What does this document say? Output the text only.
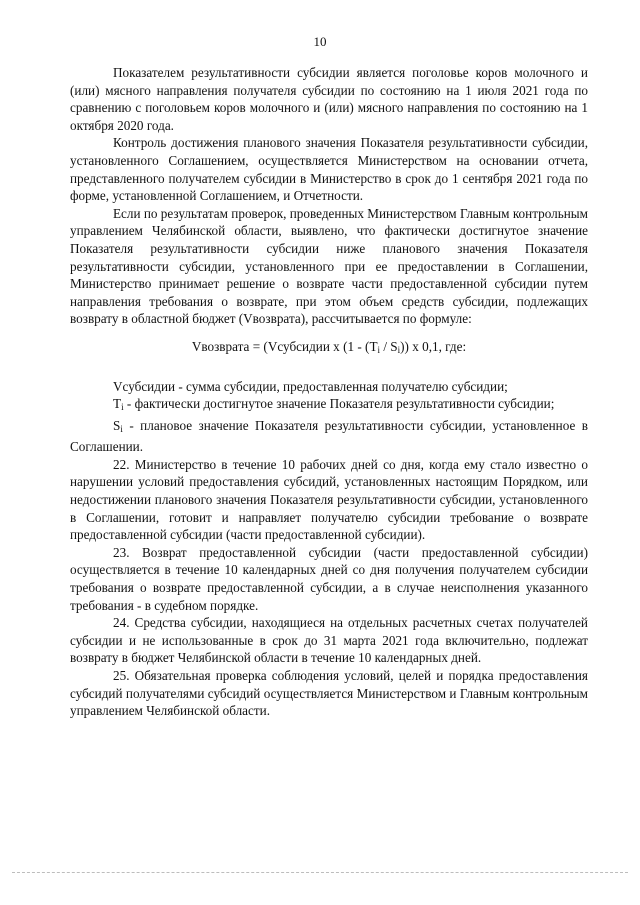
10

Показателем результативности субсидии является поголовье коров молочного и (или) мясного направления получателя субсидии по состоянию на 1 июля 2021 года по сравнению с поголовьем коров молочного и (или) мясного направления по состоянию на 1 октября 2020 года.

Контроль достижения планового значения Показателя результативности субсидии, установленного Соглашением, осуществляется Министерством на основании отчета, представленного получателем субсидии в Министерство в срок до 1 сентября 2021 года по форме, установленной Соглашением, и Отчетности.

Если по результатам проверок, проведенных Министерством Главным контрольным управлением Челябинской области, выявлено, что фактически достигнутое значение Показателя результативности субсидии ниже планового значения Показателя результативности субсидии, установленного при ее предоставлении в Соглашении, Министерство принимает решение о возврате части предоставленной субсидии путем направления требования о возврате, при этом объем средств субсидии, подлежащих возврату в областной бюджет (Vвозврата), рассчитывается по формуле:

Vвозврата = (Vсубсидии x $(1 - (T_i / S_i))$ x 0,1, где:

Vсубсидии - сумма субсидии, предоставленная получателю субсидии;

$T_i$ - фактически достигнутое значение Показателя результативности субсидии;

$S_i$ - плановое значение Показателя результативности субсидии, установленное в Соглашении.

22. Министерство в течение 10 рабочих дней со дня, когда ему стало известно о нарушении условий предоставления субсидий, установленных настоящим Порядком, или недостижении планового значения Показателя результативности субсидии, установленного в Соглашении, готовит и направляет получателю субсидии требование о возврате предоставленной субсидии (части предоставленной субсидии).

23. Возврат предоставленной субсидии (части предоставленной субсидии) осуществляется в течение 10 календарных дней со дня получения получателем субсидии требования о возврате предоставленной субсидии, а в случае неисполнения указанного требования - в судебном порядке.

24. Средства субсидии, находящиеся на отдельных расчетных счетах получателей субсидии и не использованные в срок до 31 марта 2021 года включительно, подлежат возврату в бюджет Челябинской области в течение 10 календарных дней.

25. Обязательная проверка соблюдения условий, целей и порядка предоставления субсидий получателями субсидий осуществляется Министерством и Главным контрольным управлением Челябинской области.
